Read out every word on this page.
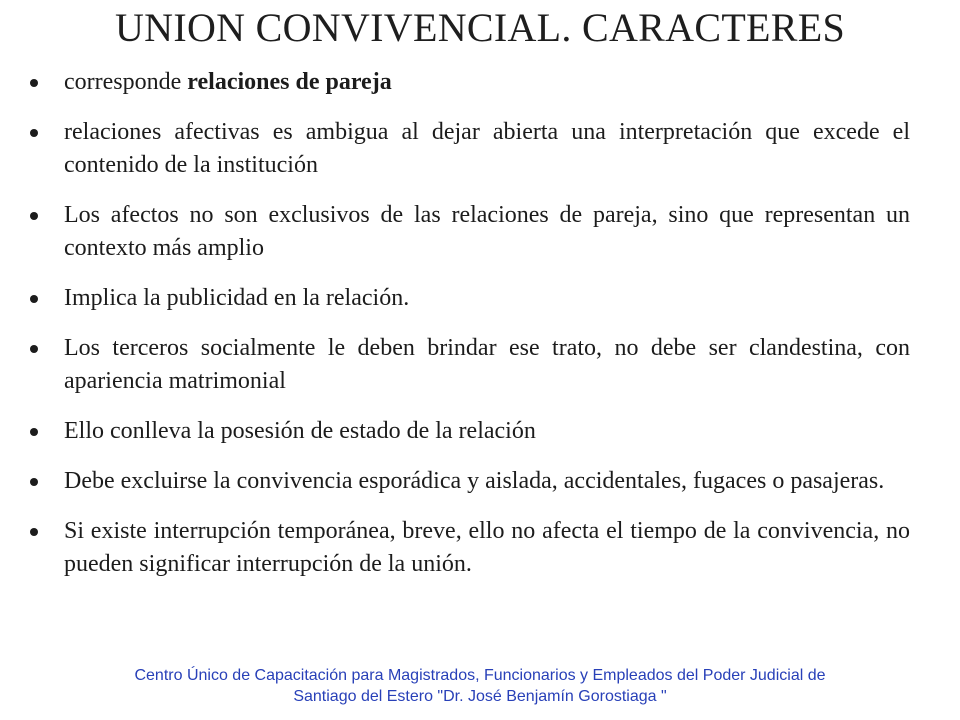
UNION CONVIVENCIAL. CARACTERES
corresponde relaciones de pareja
relaciones afectivas es ambigua al dejar abierta una interpretación que excede el contenido de la institución
Los afectos no son exclusivos de las relaciones de pareja, sino que representan un contexto más amplio
Implica la publicidad en la relación.
Los terceros socialmente le deben brindar ese trato, no debe ser clandestina, con apariencia matrimonial
Ello conlleva la posesión de estado de la relación
Debe excluirse la convivencia esporádica y aislada, accidentales, fugaces o pasajeras.
Si existe interrupción temporánea, breve, ello no afecta el tiempo de la convivencia, no pueden significar interrupción de la unión.
Centro Único de Capacitación para Magistrados, Funcionarios y Empleados del Poder Judicial de
Santiago del Estero "Dr. José Benjamín Gorostiaga "
